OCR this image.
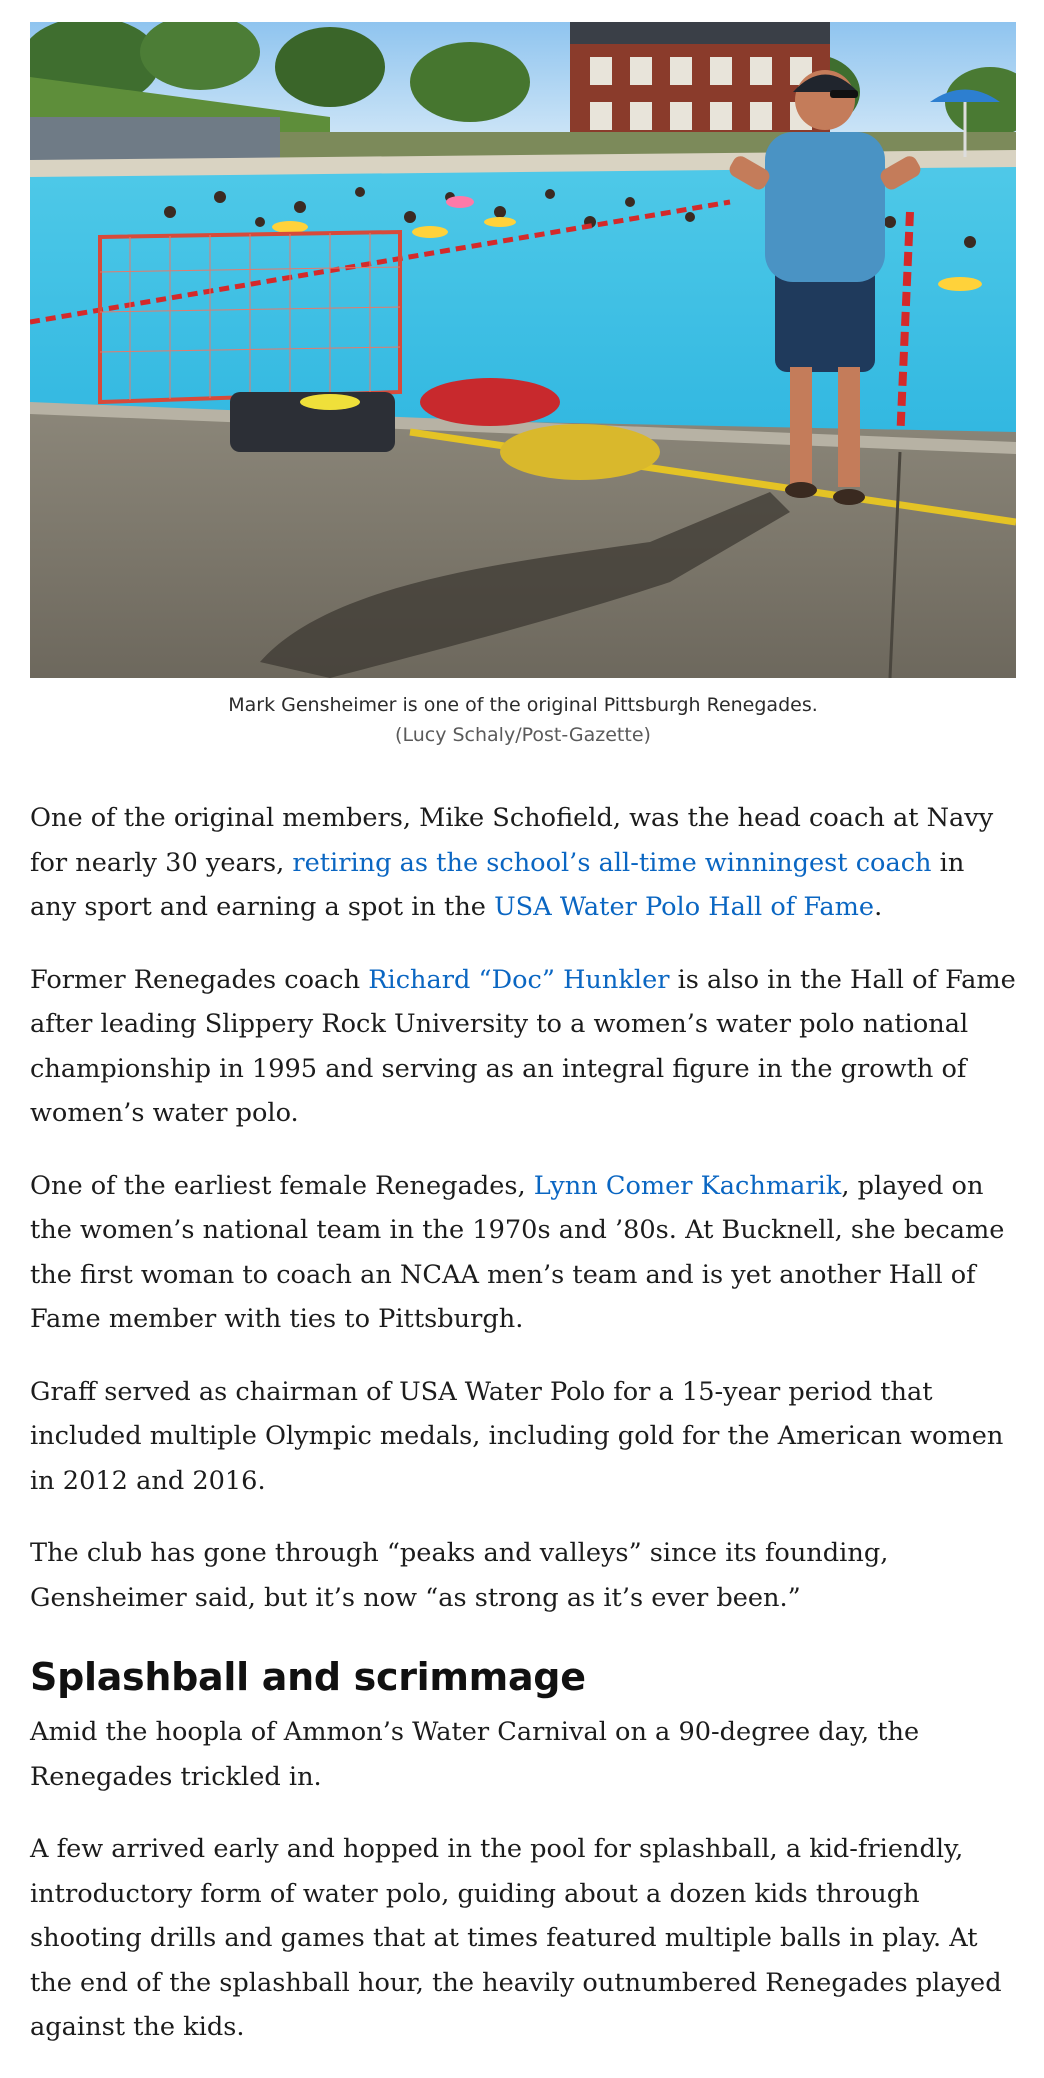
Mark Gensheimer is one of the original Pittsburgh Renegades.
(Lucy Schaly/Post-Gazette)

One of the original members, Mike Schofield, was the head coach at Navy for nearly 30 years, retiring as the school’s all-time winningest coach in any sport and earning a spot in the USA Water Polo Hall of Fame.

Former Renegades coach Richard “Doc” Hunkler is also in the Hall of Fame after leading Slippery Rock University to a women’s water polo national championship in 1995 and serving as an integral figure in the growth of women’s water polo.

One of the earliest female Renegades, Lynn Comer Kachmarik, played on the women’s national team in the 1970s and ’80s. At Bucknell, she became the first woman to coach an NCAA men’s team and is yet another Hall of Fame member with ties to Pittsburgh.

Graff served as chairman of USA Water Polo for a 15-year period that included multiple Olympic medals, including gold for the American women in 2012 and 2016.

The club has gone through “peaks and valleys” since its founding, Gensheimer said, but it’s now “as strong as it’s ever been.”

Splashball and scrimmage

Amid the hoopla of Ammon’s Water Carnival on a 90-degree day, the Renegades trickled in.

A few arrived early and hopped in the pool for splashball, a kid-friendly, introductory form of water polo, guiding about a dozen kids through shooting drills and games that at times featured multiple balls in play. At the end of the splashball hour, the heavily outnumbered Renegades played against the kids.
